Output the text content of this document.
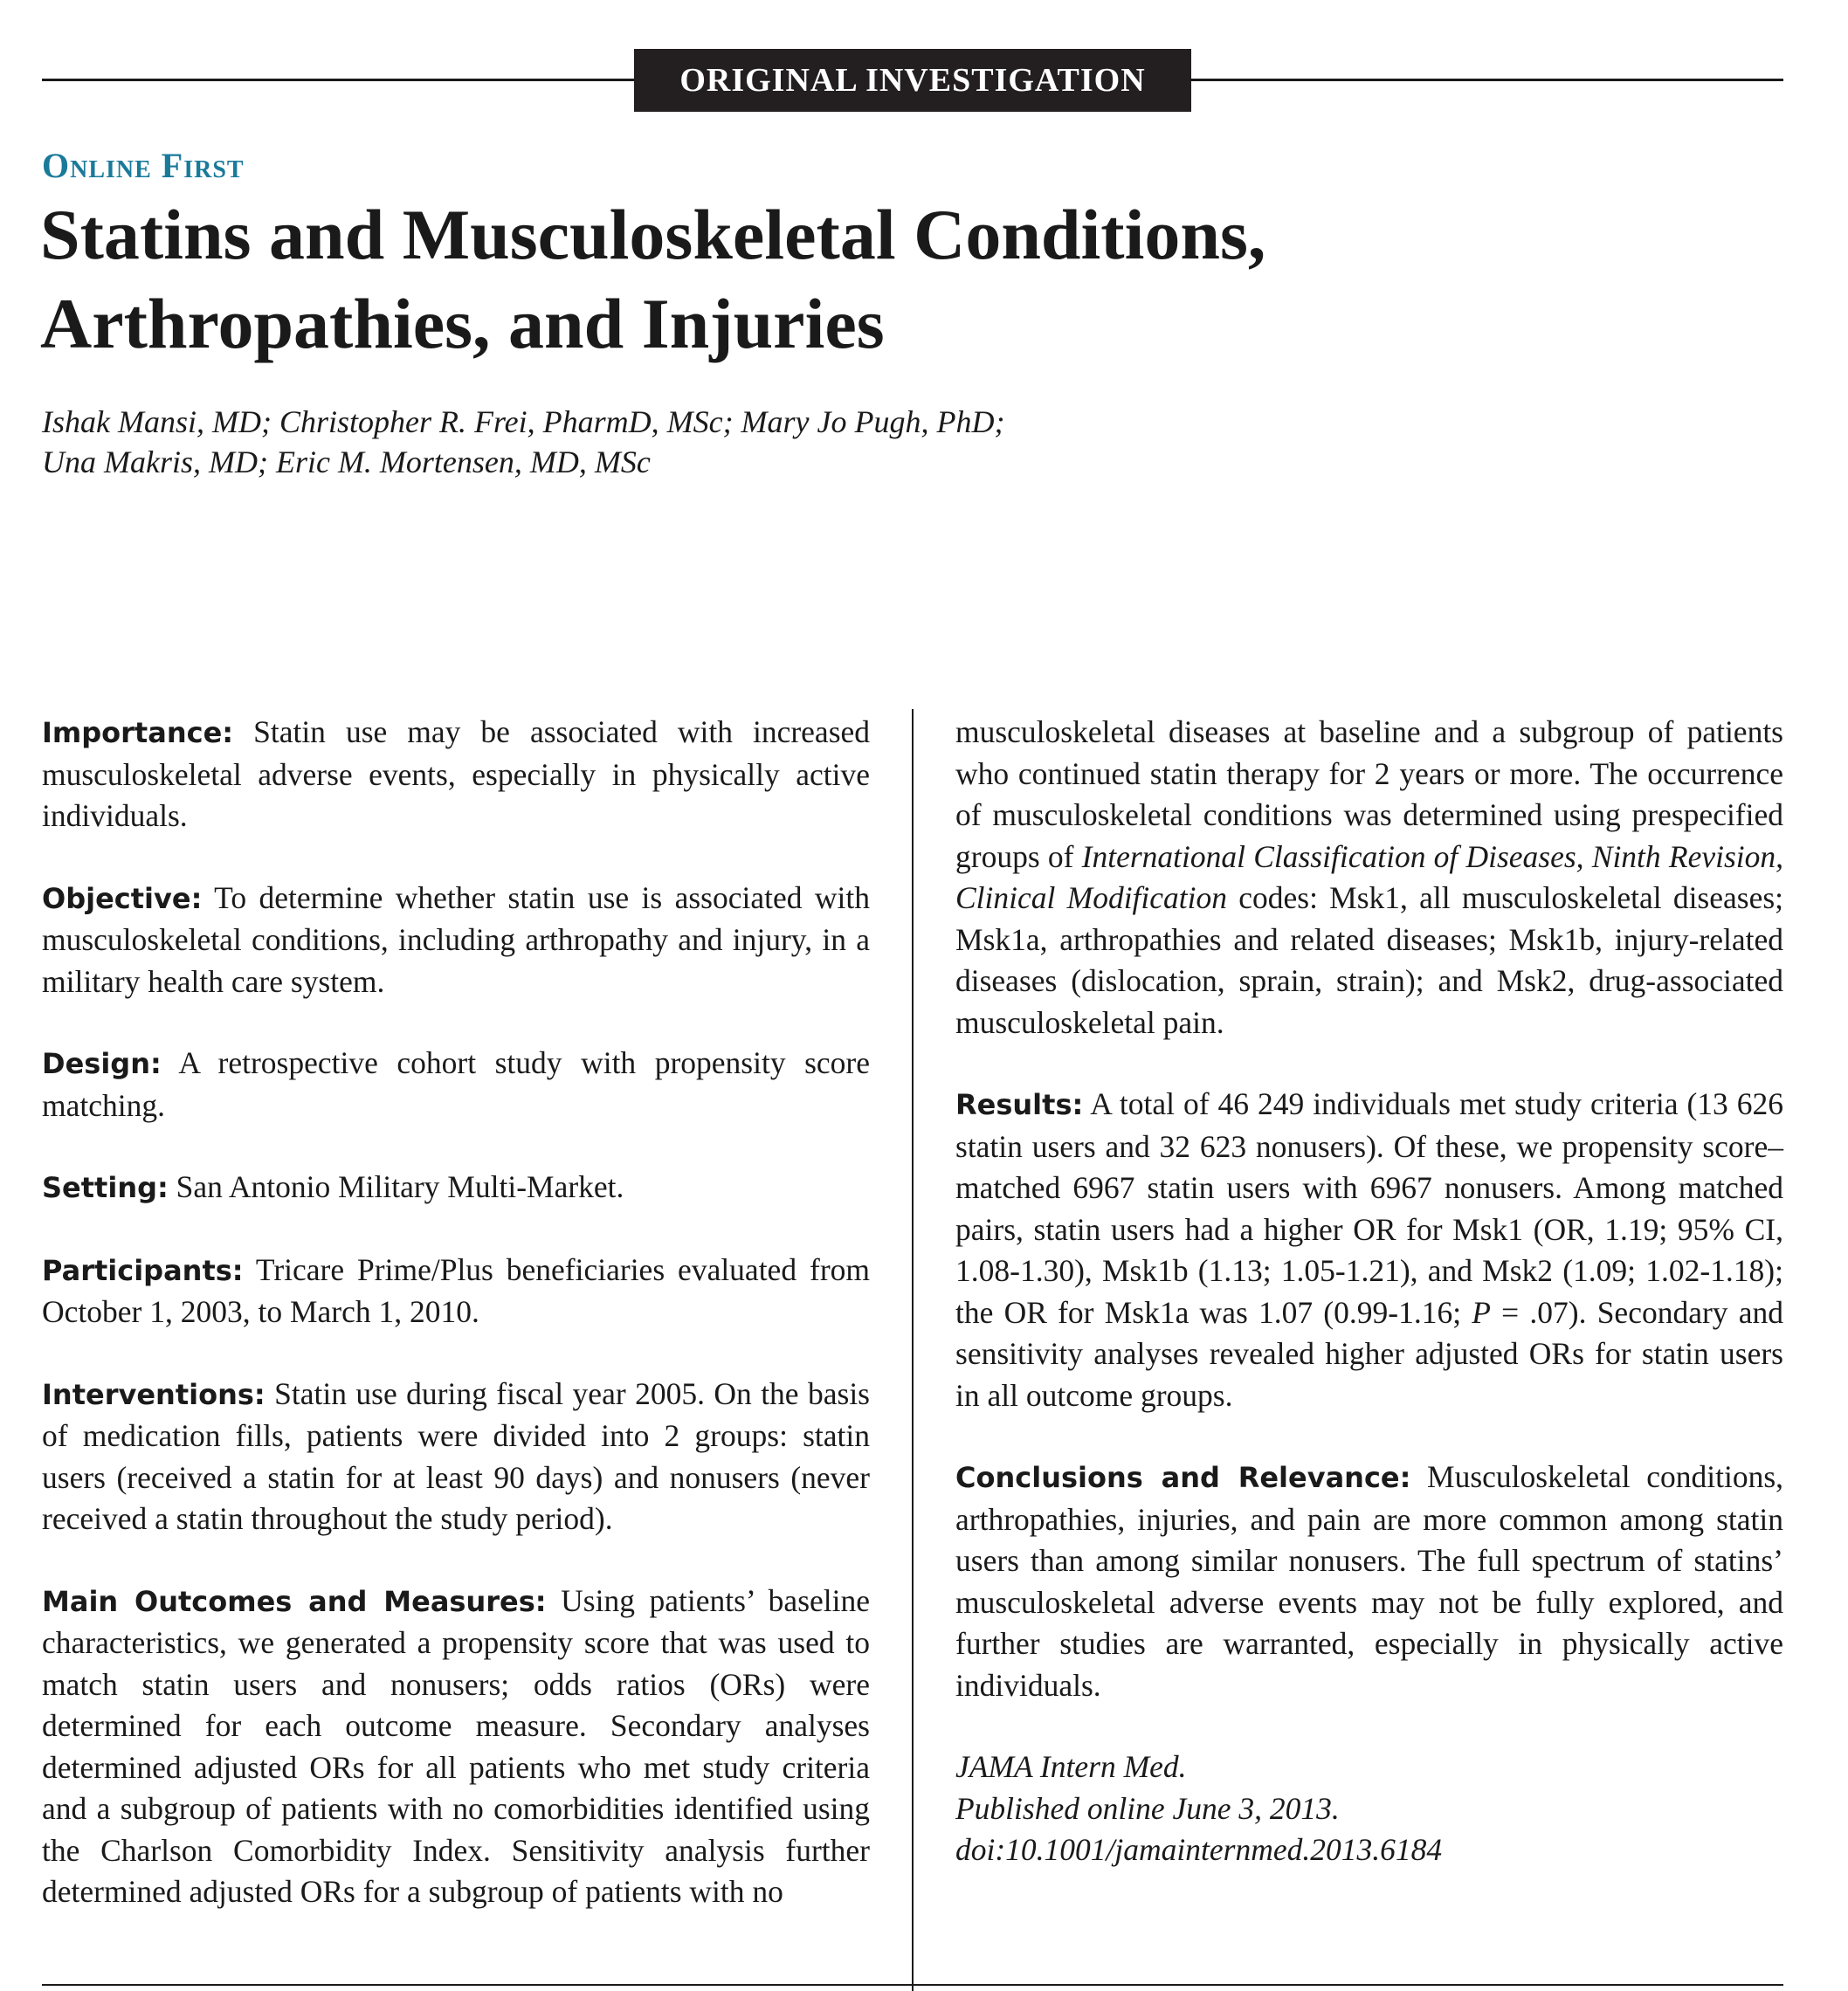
ORIGINAL INVESTIGATION
Online First
Statins and Musculoskeletal Conditions,
Arthropathies, and Injuries
Ishak Mansi, MD; Christopher R. Frei, PharmD, MSc; Mary Jo Pugh, PhD;
Una Makris, MD; Eric M. Mortensen, MD, MSc

Importance: Statin use may be associated with increased musculoskeletal adverse events, especially in physically active individuals.

Objective: To determine whether statin use is associated with musculoskeletal conditions, including arthropathy and injury, in a military health care system.

Design: A retrospective cohort study with propensity score matching.

Setting: San Antonio Military Multi-Market.

Participants: Tricare Prime/Plus beneficiaries evaluated from October 1, 2003, to March 1, 2010.

Interventions: Statin use during fiscal year 2005. On the basis of medication fills, patients were divided into 2 groups: statin users (received a statin for at least 90 days) and nonusers (never received a statin throughout the study period).

Main Outcomes and Measures: Using patients’ baseline characteristics, we generated a propensity score that was used to match statin users and nonusers; odds ratios (ORs) were determined for each outcome measure. Secondary analyses determined adjusted ORs for all patients who met study criteria and a subgroup of patients with no comorbidities identified using the Charlson Comorbidity Index. Sensitivity analysis further determined adjusted ORs for a subgroup of patients with no

musculoskeletal diseases at baseline and a subgroup of patients who continued statin therapy for 2 years or more. The occurrence of musculoskeletal conditions was determined using prespecified groups of International Classification of Diseases, Ninth Revision, Clinical Modification codes: Msk1, all musculoskeletal diseases; Msk1a, arthropathies and related diseases; Msk1b, injury-related diseases (dislocation, sprain, strain); and Msk2, drug-associated musculoskeletal pain.

Results: A total of 46 249 individuals met study criteria (13 626 statin users and 32 623 nonusers). Of these, we propensity score–matched 6967 statin users with 6967 nonusers. Among matched pairs, statin users had a higher OR for Msk1 (OR, 1.19; 95% CI, 1.08-1.30), Msk1b (1.13; 1.05-1.21), and Msk2 (1.09; 1.02-1.18); the OR for Msk1a was 1.07 (0.99-1.16; P = .07). Secondary and sensitivity analyses revealed higher adjusted ORs for statin users in all outcome groups.

Conclusions and Relevance: Musculoskeletal conditions, arthropathies, injuries, and pain are more common among statin users than among similar nonusers. The full spectrum of statins’ musculoskeletal adverse events may not be fully explored, and further studies are warranted, especially in physically active individuals.

JAMA Intern Med.
Published online June 3, 2013.
doi:10.1001/jamainternmed.2013.6184
